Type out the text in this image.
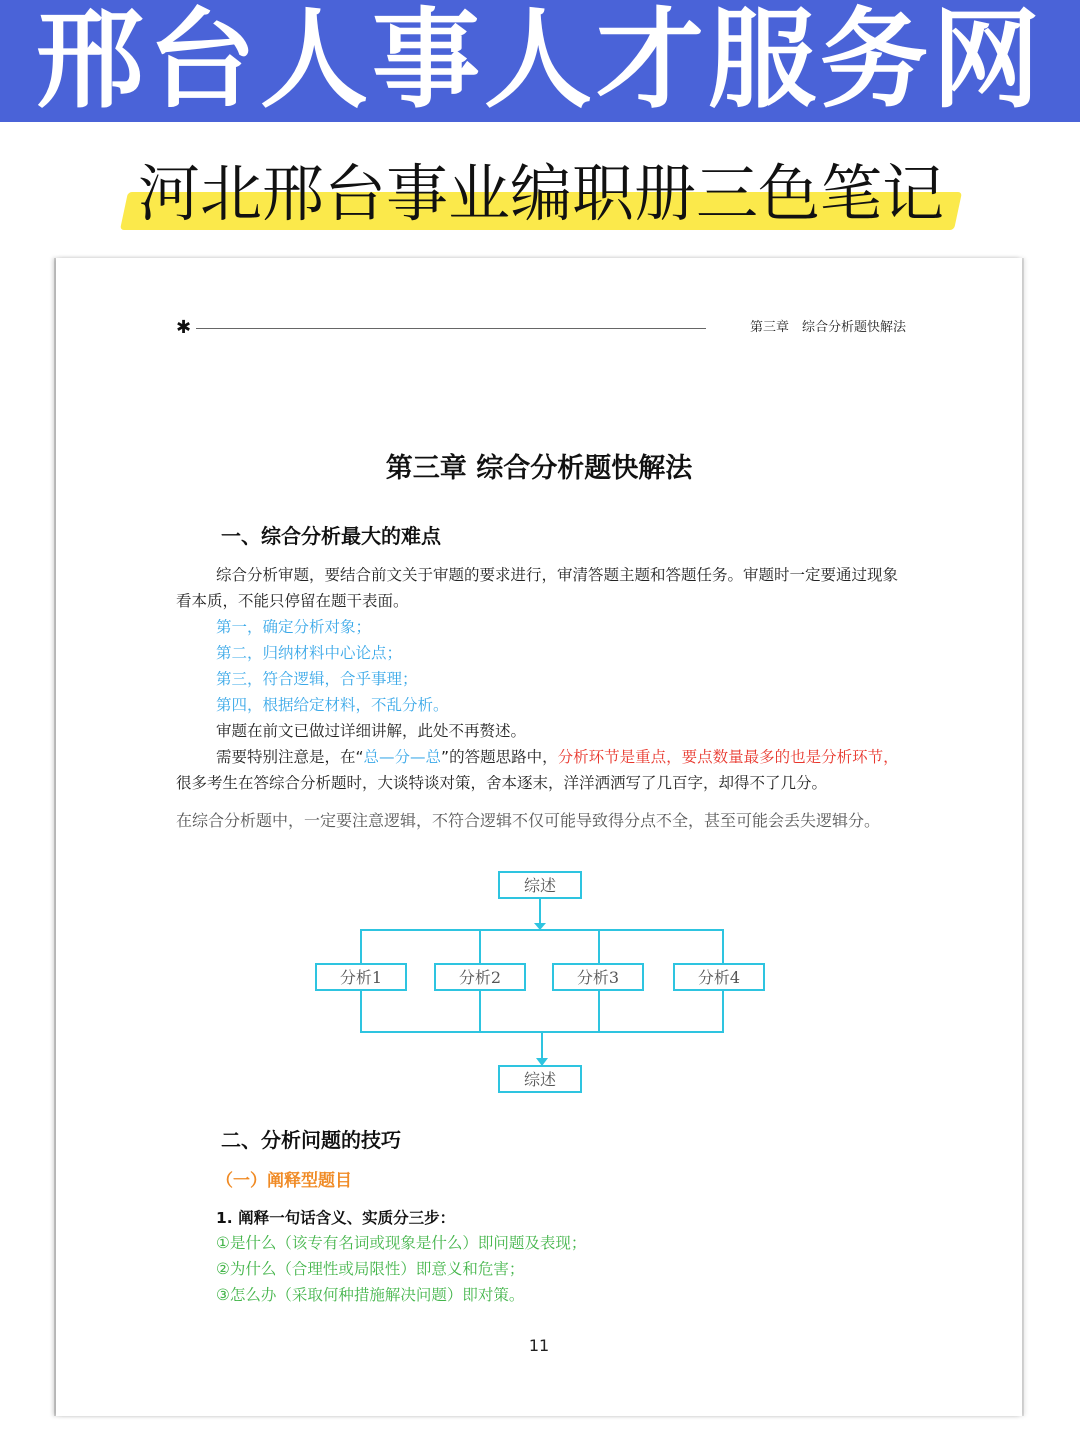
邢台人事人才服务网
河北邢台事业编职册三色笔记
✱	第三章　综合分析题快解法
第三章 综合分析题快解法
一、综合分析最大的难点

综合分析审题，要结合前文关于审题的要求进行，审清答题主题和答题任务。审题时一定要通过现象看本质，不能只停留在题干表面。

第一，确定分析对象；

第二，归纳材料中心论点；

第三，符合逻辑，合乎事理；

第四，根据给定材料，不乱分析。

审题在前文已做过详细讲解，此处不再赘述。

需要特别注意是，在“总—分—总”的答题思路中，分析环节是重点，要点数量最多的也是分析环节，很多考生在答综合分析题时，大谈特谈对策，舍本逐末，洋洋洒洒写了几百字，却得不了几分。

在综合分析题中，一定要注意逻辑，不符合逻辑不仅可能导致得分点不全，甚至可能会丢失逻辑分。

综述
分析1	分析2	分析3	分析4
综述
二、分析问题的技巧
（一）阐释型题目
1. 阐释一句话含义、实质分三步：

①是什么（该专有名词或现象是什么）即问题及表现；

②为什么（合理性或局限性）即意义和危害；

③怎么办（采取何种措施解决问题）即对策。

11
